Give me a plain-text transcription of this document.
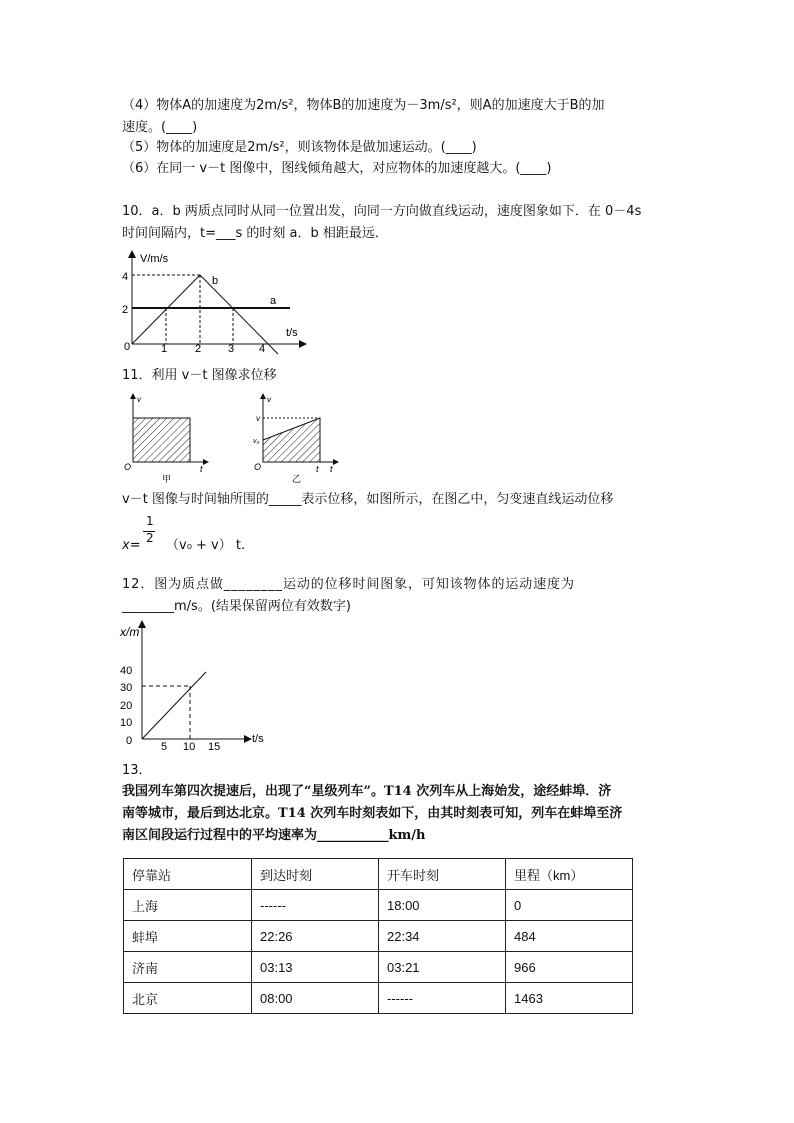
（4）物体A的加速度为2m/s²，物体B的加速度为－3m/s²，则A的加速度大于B的加
速度。(____)
（5）物体的加速度是2m/s²，则该物体是做加速运动。(____)
（6）在同一 v－t 图像中，图线倾角越大，对应物体的加速度越大。(____)
10．a．b 两质点同时从同一位置出发，向同一方向做直线运动，速度图象如下．在 0－4s
时间间隔内，t=___s 的时刻 a．b 相距最远．
V/m/s
t/s
4
2
0	1	2 3 4
a
b
11．利用 v－t 图像求位移
v
O	t
甲
v
v
v₀
O	t t
乙
v－t 图像与时间轴所围的_____表示位移，如图所示，在图乙中，匀变速直线运动位移
1
2
x= （v₀ + v） t.
12．图为质点做________运动的位移时间图象，可知该物体的运动速度为
________m/s。(结果保留两位有效数字)
x/m
t/s
40
30
20
10
0	5 10 15
13．
我国列车第四次提速后，出现了“星级列车”。T14 次列车从上海始发，途经蚌埠．济
南等城市，最后到达北京。T14 次列车时刻表如下，由其时刻表可知，列车在蚌埠至济
南区间段运行过程中的平均速率为___________km/h
停靠站	到达时刻	开车时刻	里程（km）
上海	------	18:00	0
蚌埠	22:26	22:34	484
济南	03:13	03:21	966
北京	08:00	------	1463
